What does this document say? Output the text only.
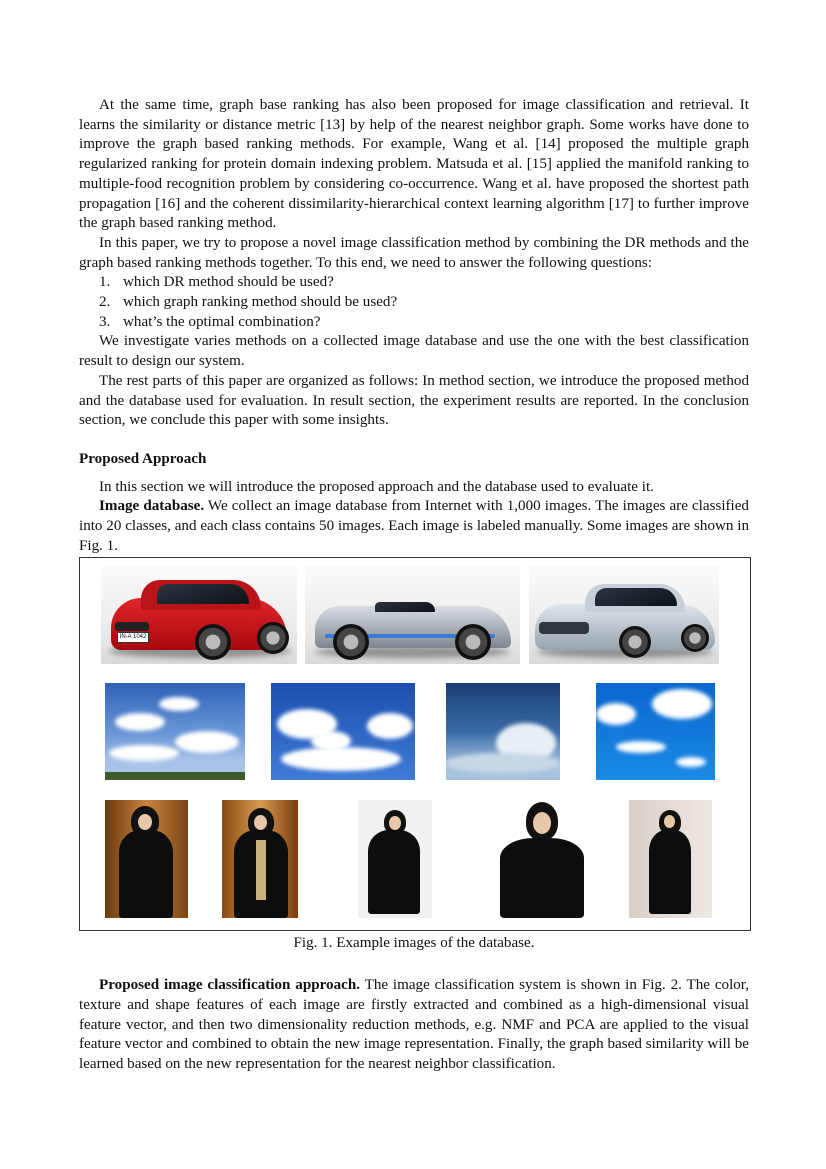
At the same time, graph base ranking has also been proposed for image classification and retrieval. It learns the similarity or distance metric [13] by help of the nearest neighbor graph. Some works have done to improve the graph based ranking methods. For example, Wang et al. [14] proposed the multiple graph regularized ranking for protein domain indexing problem. Matsuda et al. [15] applied the manifold ranking to multiple-food recognition problem by considering co-occurrence. Wang et al. have proposed the shortest path propagation [16] and the coherent dissimilarity-hierarchical context learning algorithm [17] to further improve the graph based ranking method.

In this paper, we try to propose a novel image classification method by combining the DR methods and the graph based ranking methods together. To this end, we need to answer the following questions:

1. which DR method should be used?

2. which graph ranking method should be used?

3. what’s the optimal combination?

We investigate varies methods on a collected image database and use the one with the best classification result to design our system.

The rest parts of this paper are organized as follows: In method section, we introduce the proposed method and the database used for evaluation. In result section, the experiment results are reported. In the conclusion section, we conclude this paper with some insights.

Proposed Approach

In this section we will introduce the proposed approach and the database used to evaluate it.

Image database. We collect an image database from Internet with 1,000 images. The images are classified into 20 classes, and each class contains 50 images. Each image is labeled manually. Some images are shown in Fig. 1.

IN-A 1042

Fig. 1. Example images of the database.

Proposed image classification approach. The image classification system is shown in Fig. 2. The color, texture and shape features of each image are firstly extracted and combined as a high-dimensional visual feature vector, and then two dimensionality reduction methods, e.g. NMF and PCA are applied to the visual feature vector and combined to obtain the new image representation. Finally, the graph based similarity will be learned based on the new representation for the nearest neighbor classification.
